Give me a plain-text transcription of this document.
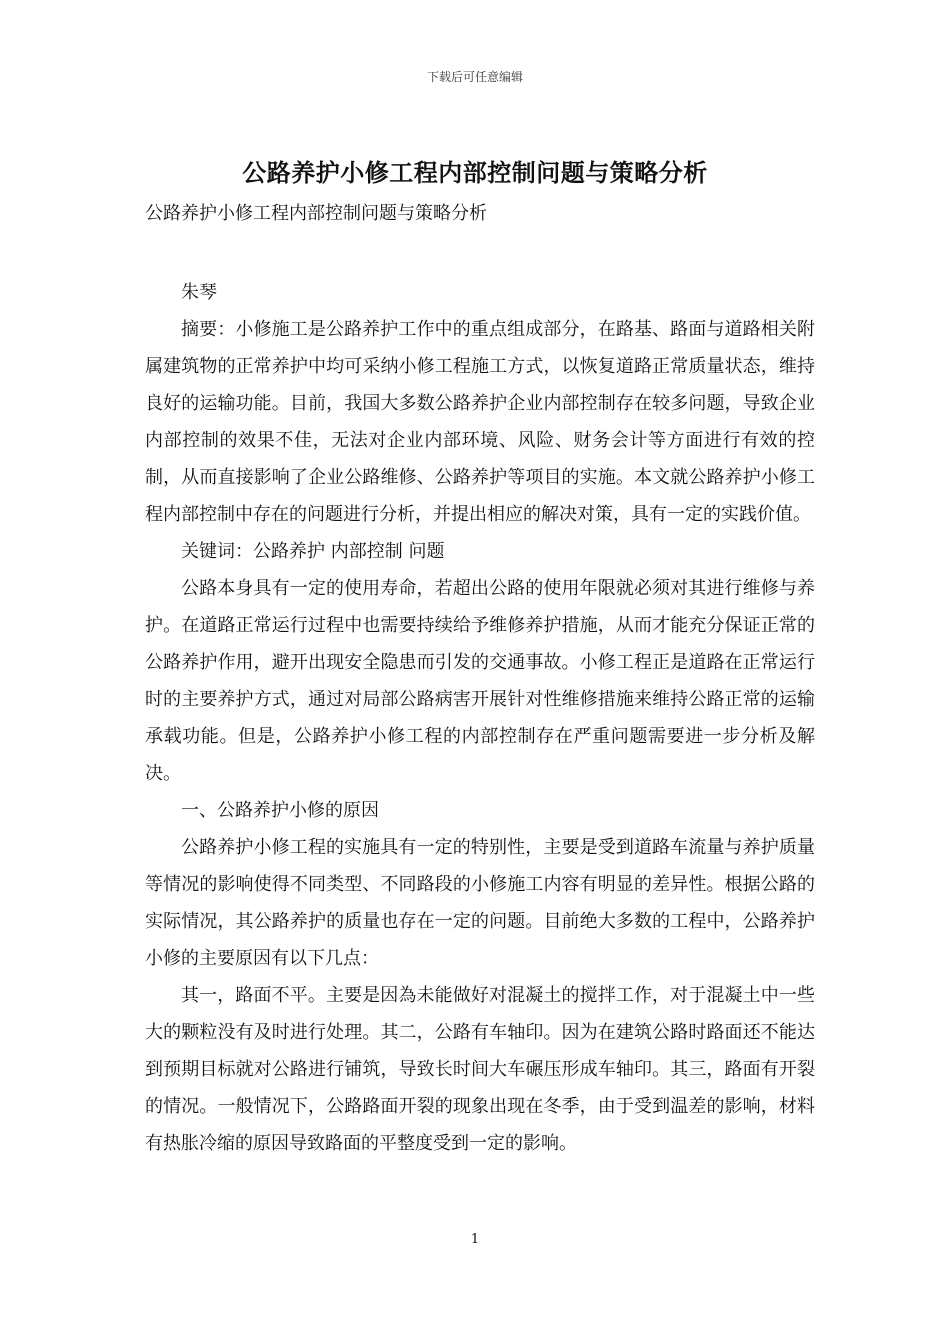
下载后可任意编辑
公路养护小修工程内部控制问题与策略分析
公路养护小修工程内部控制问题与策略分析

朱琴

摘要：小修施工是公路养护工作中的重点组成部分，在路基、路面与道路相关附属建筑物的正常养护中均可采纳小修工程施工方式，以恢复道路正常质量状态，维持良好的运输功能。目前，我国大多数公路养护企业内部控制存在较多问题，导致企业内部控制的效果不佳，无法对企业内部环境、风险、财务会计等方面进行有效的控制，从而直接影响了企业公路维修、公路养护等项目的实施。本文就公路养护小修工程内部控制中存在的问题进行分析，并提出相应的解决对策，具有一定的实践价值。

关键词：公路养护 内部控制 问题

公路本身具有一定的使用寿命，若超出公路的使用年限就必须对其进行维修与养护。在道路正常运行过程中也需要持续给予维修养护措施，从而才能充分保证正常的公路养护作用，避开出现安全隐患而引发的交通事故。小修工程正是道路在正常运行时的主要养护方式，通过对局部公路病害开展针对性维修措施来维持公路正常的运输承载功能。但是，公路养护小修工程的内部控制存在严重问题需要进一步分析及解决。

一、公路养护小修的原因

公路养护小修工程的实施具有一定的特别性，主要是受到道路车流量与养护质量等情况的影响使得不同类型、不同路段的小修施工内容有明显的差异性。根据公路的实际情况，其公路养护的质量也存在一定的问题。目前绝大多数的工程中，公路养护小修的主要原因有以下几点：

其一，路面不平。主要是因為未能做好对混凝土的搅拌工作，对于混凝土中一些大的颗粒没有及时进行处理。其二，公路有车轴印。因为在建筑公路时路面还不能达到预期目标就对公路进行铺筑，导致长时间大车碾压形成车轴印。其三，路面有开裂的情况。一般情况下，公路路面开裂的现象出现在冬季，由于受到温差的影响，材料有热胀冷缩的原因导致路面的平整度受到一定的影响。

1
